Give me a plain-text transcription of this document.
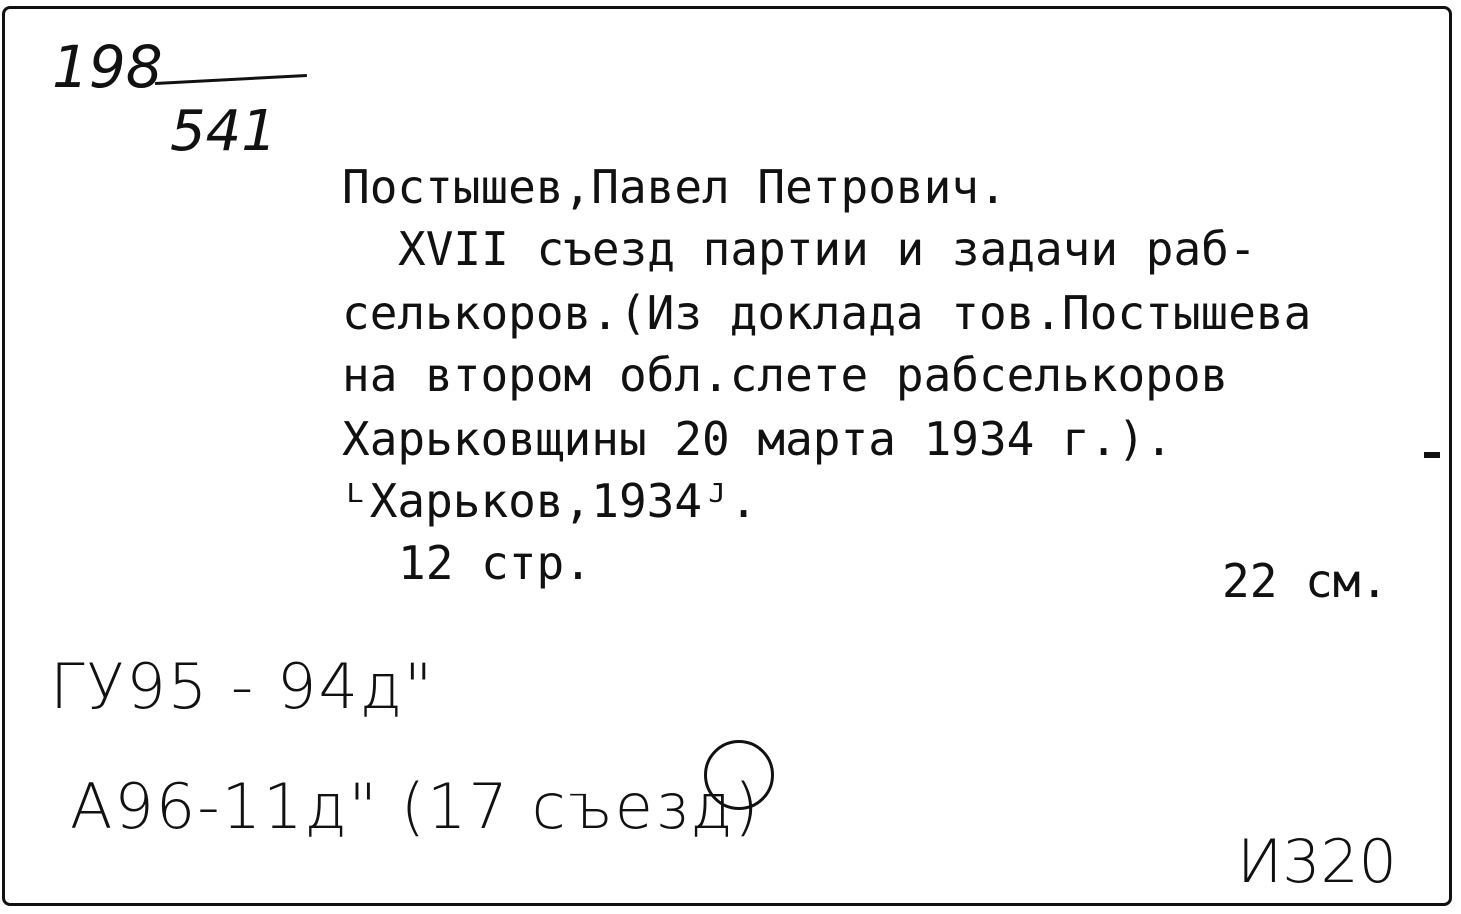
198
541
Постышев,Павел Петрович.
XVII съезд партии и задачи раб-
селькоров.(Из доклада тов.Постышева
на втором обл.слете рабселькоров
Харьковщины 20 марта 1934 г.).
ᴸХарьков,1934ᴶ.
12 стр.	22 см.
ГУ95 - 94д"
А96-11д" (17 съезд)
И320
